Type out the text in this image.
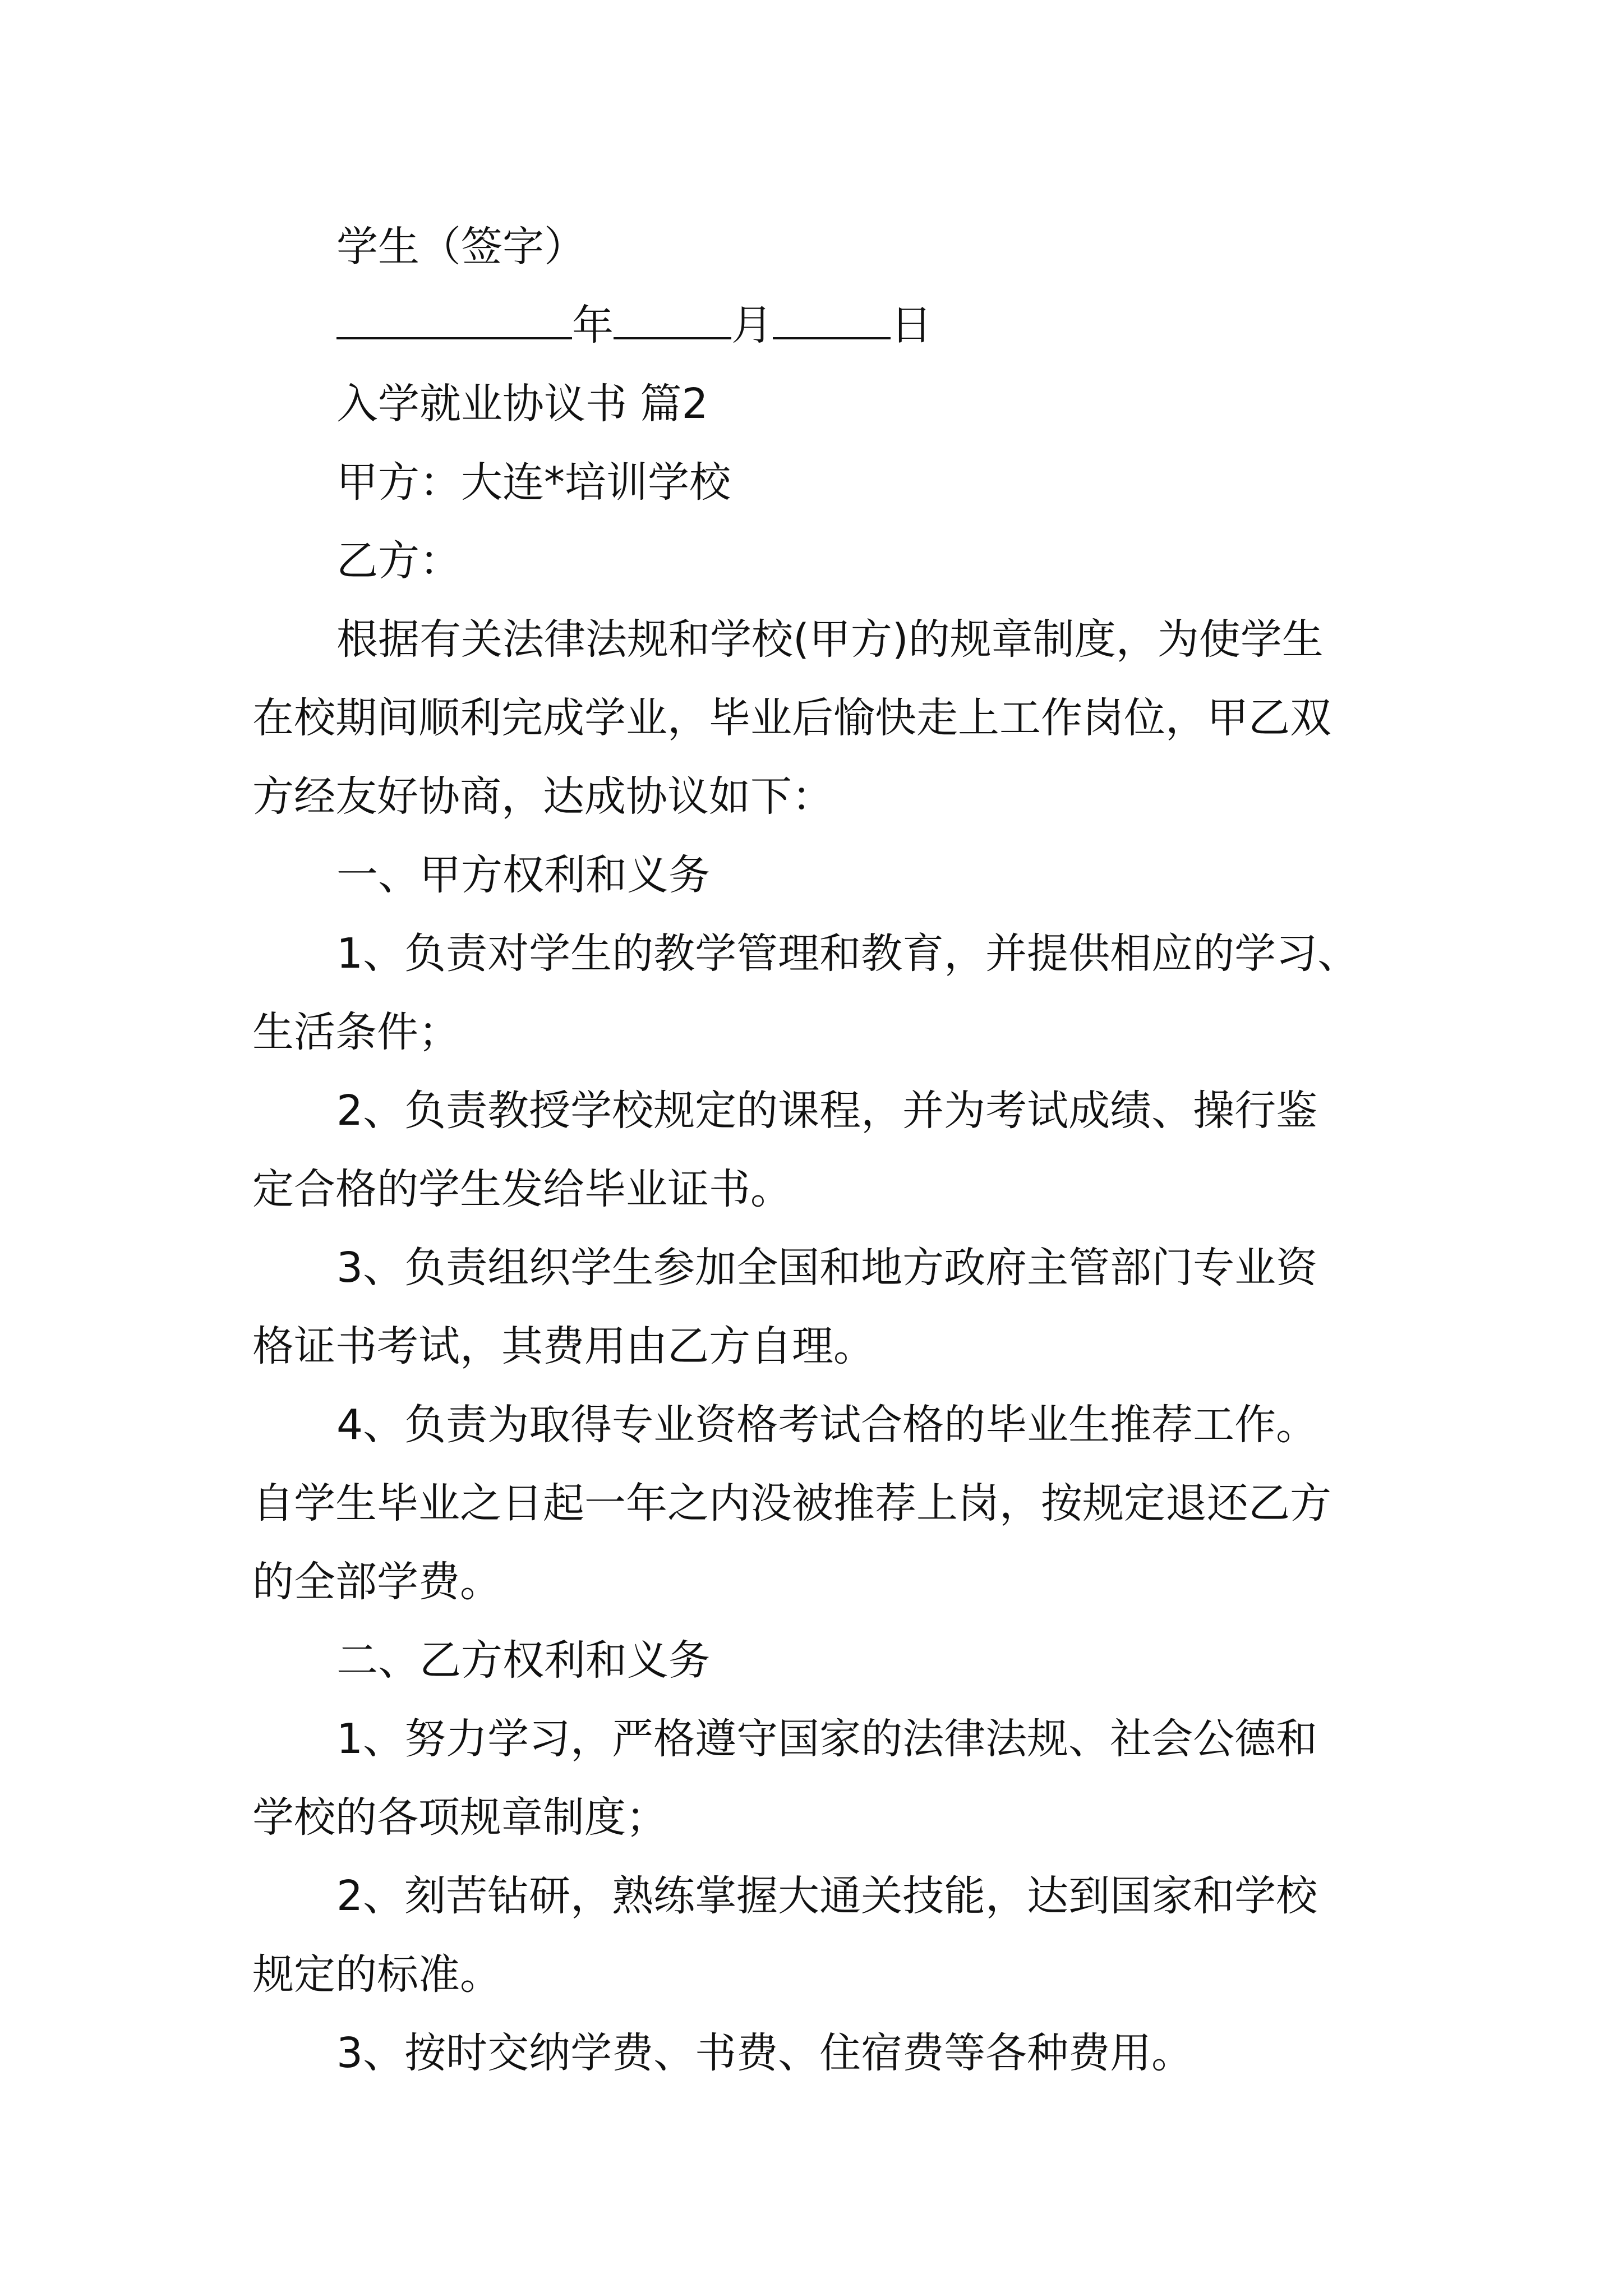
学生（签字）
年	月	日
入学就业协议书 篇2
甲方：大连*培训学校
乙方：
根据有关法律法规和学校(甲方)的规章制度，为使学生
在校期间顺利完成学业，毕业后愉快走上工作岗位，甲乙双
方经友好协商，达成协议如下：
一、甲方权利和义务
1、负责对学生的教学管理和教育，并提供相应的学习、
生活条件；
2、负责教授学校规定的课程，并为考试成绩、操行鉴
定合格的学生发给毕业证书。
3、负责组织学生参加全国和地方政府主管部门专业资
格证书考试，其费用由乙方自理。
4、负责为取得专业资格考试合格的毕业生推荐工作。
自学生毕业之日起一年之内没被推荐上岗，按规定退还乙方
的全部学费。
二、乙方权利和义务
1、努力学习，严格遵守国家的法律法规、社会公德和
学校的各项规章制度；
2、刻苦钻研，熟练掌握大通关技能，达到国家和学校
规定的标准。
3、按时交纳学费、书费、住宿费等各种费用。
